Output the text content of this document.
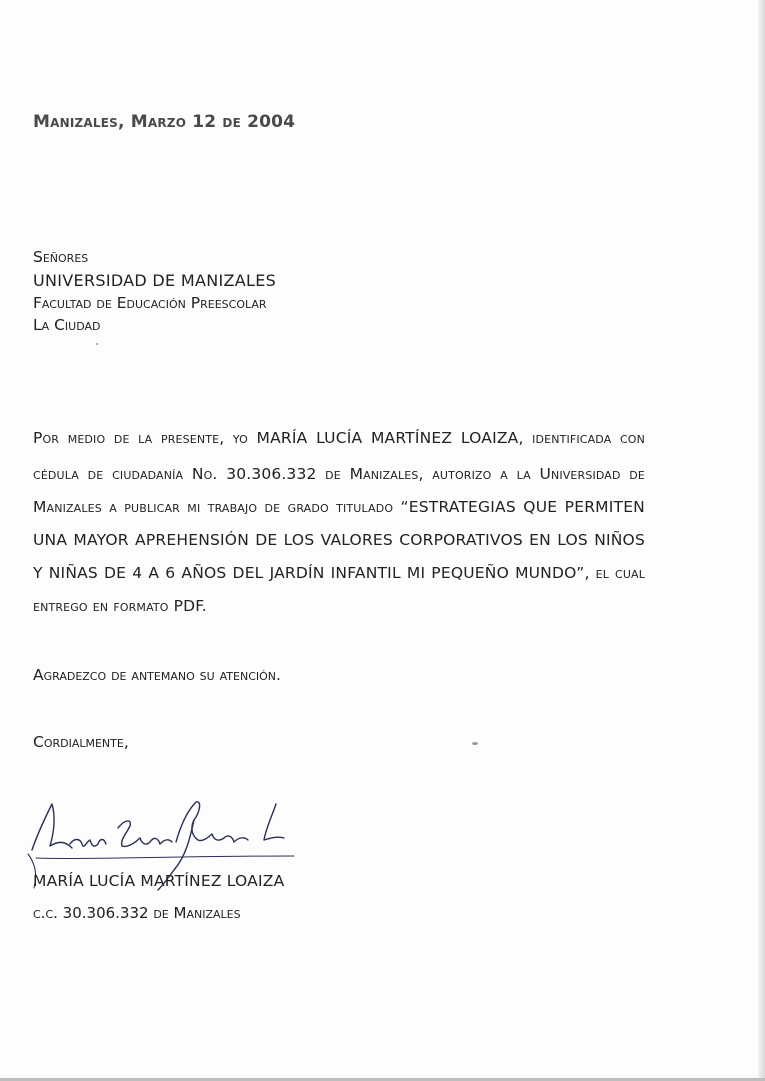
Manizales, Marzo 12 de 2004

Señores

UNIVERSIDAD DE MANIZALES

Facultad de Educación Preescolar

La Ciudad

Por medio de la presente, yo MARÍA LUCÍA MARTÍNEZ LOAIZA, identificada con

cédula de ciudadanía No. 30.306.332 de Manizales, autorizo a la Universidad de

Manizales a publicar mi trabajo de grado titulado “ESTRATEGIAS QUE PERMITEN

UNA MAYOR APREHENSIÓN DE LOS VALORES CORPORATIVOS EN LOS NIÑOS

Y NIÑAS DE 4 A 6 AÑOS DEL JARDÍN INFANTIL MI PEQUEÑO MUNDO”, el cual

entrego en formato PDF.

Agradezco de antemano su atención.

Cordialmente,

MARÍA LUCÍA MARTÍNEZ LOAIZA

c.c. 30.306.332 de Manizales
